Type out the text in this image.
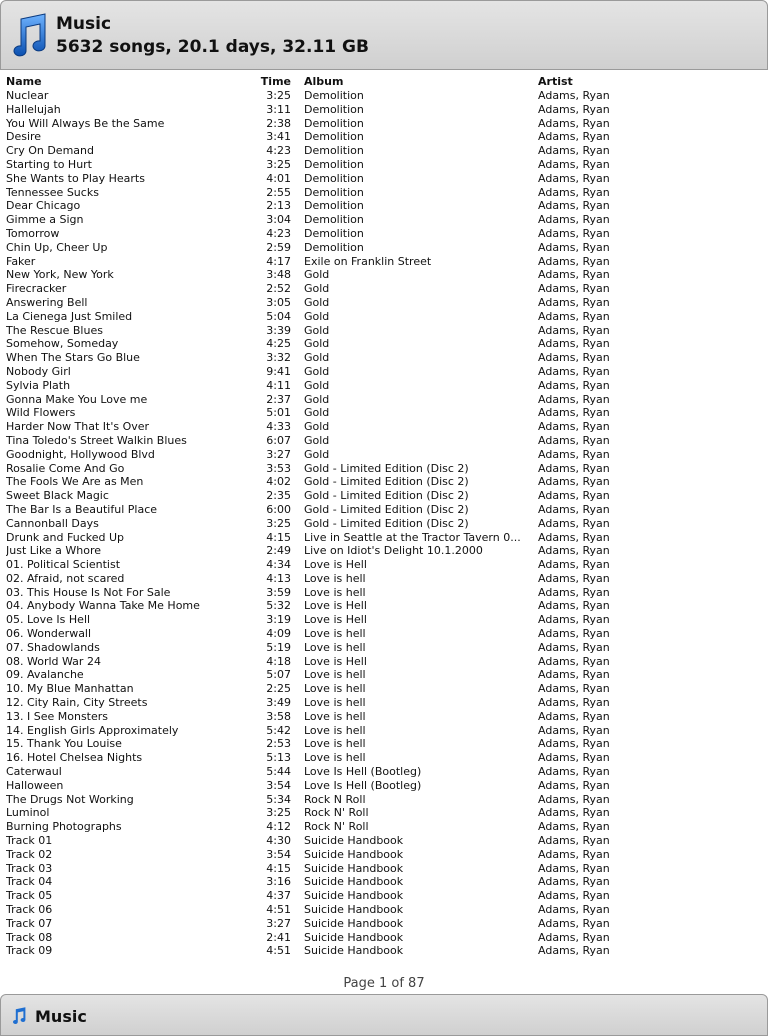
Music
5632 songs, 20.1 days, 32.11 GB
Name	Time Album	Artist
Nuclear	3:25 Demolition	Adams, Ryan
Hallelujah	3:11 Demolition	Adams, Ryan
You Will Always Be the Same	2:38 Demolition	Adams, Ryan
Desire	3:41 Demolition	Adams, Ryan
Cry On Demand	4:23 Demolition	Adams, Ryan
Starting to Hurt	3:25 Demolition	Adams, Ryan
She Wants to Play Hearts	4:01 Demolition	Adams, Ryan
Tennessee Sucks	2:55 Demolition	Adams, Ryan
Dear Chicago	2:13 Demolition	Adams, Ryan
Gimme a Sign	3:04 Demolition	Adams, Ryan
Tomorrow	4:23 Demolition	Adams, Ryan
Chin Up, Cheer Up	2:59 Demolition	Adams, Ryan
Faker	4:17 Exile on Franklin Street	Adams, Ryan
New York, New York	3:48 Gold	Adams, Ryan
Firecracker	2:52 Gold	Adams, Ryan
Answering Bell	3:05 Gold	Adams, Ryan
La Cienega Just Smiled	5:04 Gold	Adams, Ryan
The Rescue Blues	3:39 Gold	Adams, Ryan
Somehow, Someday	4:25 Gold	Adams, Ryan
When The Stars Go Blue	3:32 Gold	Adams, Ryan
Nobody Girl	9:41 Gold	Adams, Ryan
Sylvia Plath	4:11 Gold	Adams, Ryan
Gonna Make You Love me	2:37 Gold	Adams, Ryan
Wild Flowers	5:01 Gold	Adams, Ryan
Harder Now That It's Over	4:33 Gold	Adams, Ryan
Tina Toledo's Street Walkin Blues	6:07 Gold	Adams, Ryan
Goodnight, Hollywood Blvd	3:27 Gold	Adams, Ryan
Rosalie Come And Go	3:53 Gold - Limited Edition (Disc 2)	Adams, Ryan
The Fools We Are as Men	4:02 Gold - Limited Edition (Disc 2)	Adams, Ryan
Sweet Black Magic	2:35 Gold - Limited Edition (Disc 2)	Adams, Ryan
The Bar Is a Beautiful Place	6:00 Gold - Limited Edition (Disc 2)	Adams, Ryan
Cannonball Days	3:25 Gold - Limited Edition (Disc 2)	Adams, Ryan
Drunk and Fucked Up	4:15 Live in Seattle at the Tractor Tavern 0...	Adams, Ryan
Just Like a Whore	2:49 Live on Idiot's Delight 10.1.2000	Adams, Ryan
01. Political Scientist	4:34 Love is Hell	Adams, Ryan
02. Afraid, not scared	4:13 Love is hell	Adams, Ryan
03. This House Is Not For Sale	3:59 Love is hell	Adams, Ryan
04. Anybody Wanna Take Me Home	5:32 Love is Hell	Adams, Ryan
05. Love Is Hell	3:19 Love is Hell	Adams, Ryan
06. Wonderwall	4:09 Love is hell	Adams, Ryan
07. Shadowlands	5:19 Love is hell	Adams, Ryan
08. World War 24	4:18 Love is Hell	Adams, Ryan
09. Avalanche	5:07 Love is hell	Adams, Ryan
10. My Blue Manhattan	2:25 Love is hell	Adams, Ryan
12. City Rain, City Streets	3:49 Love is hell	Adams, Ryan
13. I See Monsters	3:58 Love is hell	Adams, Ryan
14. English Girls Approximately	5:42 Love is hell	Adams, Ryan
15. Thank You Louise	2:53 Love is hell	Adams, Ryan
16. Hotel Chelsea Nights	5:13 Love is hell	Adams, Ryan
Caterwaul	5:44 Love Is Hell (Bootleg)	Adams, Ryan
Halloween	3:54 Love Is Hell (Bootleg)	Adams, Ryan
The Drugs Not Working	5:34 Rock N Roll	Adams, Ryan
Luminol	3:25 Rock N' Roll	Adams, Ryan
Burning Photographs	4:12 Rock N' Roll	Adams, Ryan
Track 01	4:30 Suicide Handbook	Adams, Ryan
Track 02	3:54 Suicide Handbook	Adams, Ryan
Track 03	4:15 Suicide Handbook	Adams, Ryan
Track 04	3:16 Suicide Handbook	Adams, Ryan
Track 05	4:37 Suicide Handbook	Adams, Ryan
Track 06	4:51 Suicide Handbook	Adams, Ryan
Track 07	3:27 Suicide Handbook	Adams, Ryan
Track 08	2:41 Suicide Handbook	Adams, Ryan
Track 09	4:51 Suicide Handbook	Adams, Ryan
Page 1 of 87
Music
